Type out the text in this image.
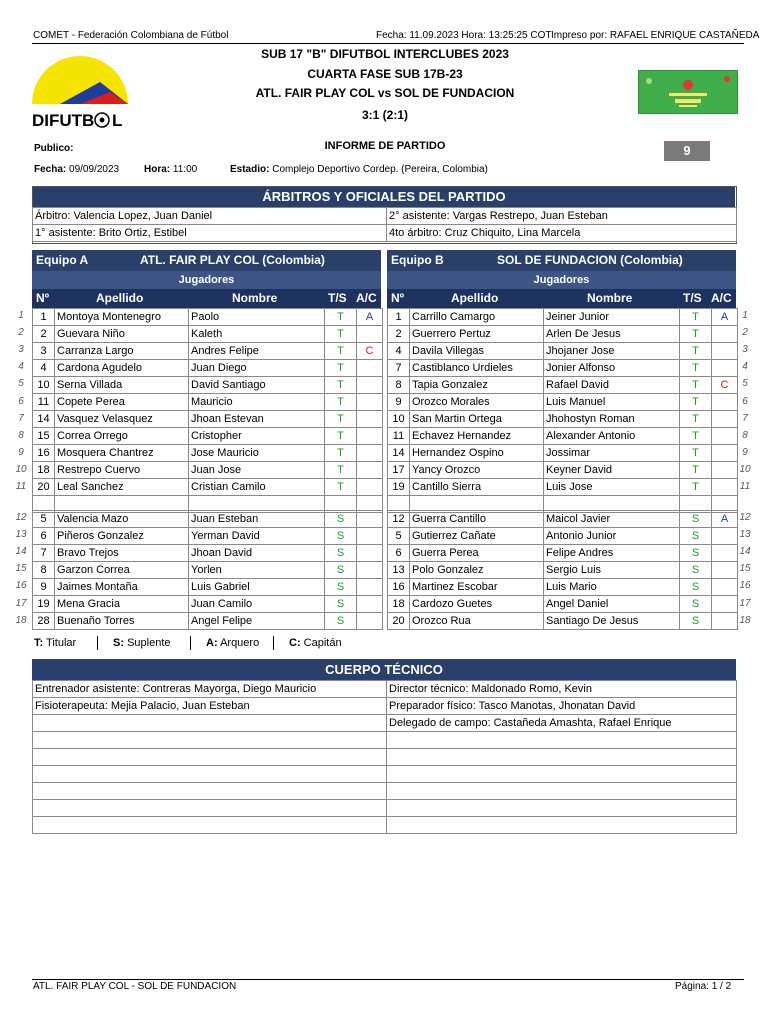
COMET - Federación Colombiana de Fútbol	Fecha: 11.09.2023 Hora: 13:25:25 COT Impreso por: RAFAEL ENRIQUE CASTAÑEDA
DIFUTB L
SUB 17 "B" DIFUTBOL INTERCLUBES 2023
CUARTA FASE SUB 17B-23
ATL. FAIR PLAY COL vs SOL DE FUNDACION
3:1 (2:1)
Publico:	INFORME DE PARTIDO	9
Fecha: 09/09/2023 Hora: 11:00	Estadio: Complejo Deportivo Cordep. (Pereira, Colombia)
ÁRBITROS Y OFICIALES DEL PARTIDO
Árbitro: Valencia Lopez, Juan Daniel	2° asistente: Vargas Restrepo, Juan Esteban
1° asistente: Brito Ortiz, Estibel	4to árbitro: Cruz Chiquito, Lina Marcela
Equipo A	ATL. FAIR PLAY COL (Colombia)
Jugadores
Nº	Apellido	Nombre	T/S A/C
Equipo B	SOL DE FUNDACION (Colombia)
Jugadores
Nº	Apellido	Nombre	T/S A/C
1	Montoya Montenegro	Paolo	T	A
2	Guevara Niño	Kaleth	T	
3	Carranza Largo	Andres Felipe	T	C
4	Cardona Agudelo	Juan Diego	T	
10	Serna Villada	David Santiago	T	
11	Copete Perea	Mauricio	T	
14	Vasquez Velasquez	Jhoan Estevan	T	
15	Correa Orrego	Cristopher	T	
16	Mosquera Chantrez	Jose Mauricio	T	
18	Restrepo Cuervo	Juan Jose	T	
20	Leal Sanchez	Cristian Camilo	T	

5	Valencia Mazo	Juan Esteban	S	
6	Piñeros Gonzalez	Yerman David	S	
7	Bravo Trejos	Jhoan David	S	
8	Garzon Correa	Yorlen	S	
9	Jaimes Montaña	Luis Gabriel	S	
19	Mena Gracia	Juan Camilo	S	
28	Buenaño Torres	Angel Felipe	S	
1	Carrillo Camargo	Jeiner Junior	T	A
2	Guerrero Pertuz	Arlen De Jesus	T	
4	Davila Villegas	Jhojaner Jose	T	
7	Castiblanco Urdieles	Jonier Alfonso	T	
8	Tapia Gonzalez	Rafael David	T	C
9	Orozco Morales	Luis Manuel	T	
10	San Martin Ortega	Jhohostyn Roman	T	
11	Echavez Hernandez	Alexander Antonio	T	
14	Hernandez Ospino	Jossimar	T	
17	Yancy Orozco	Keyner David	T	
19	Cantillo Sierra	Luis Jose	T	

12	Guerra Cantillo	Maicol Javier	S	A
5	Gutierrez Cañate	Antonio Junior	S	
6	Guerra Perea	Felipe Andres	S	
13	Polo Gonzalez	Sergio Luis	S	
16	Martinez Escobar	Luis Mario	S	
18	Cardozo Guetes	Angel Daniel	S	
20	Orozco Rua	Santiago De Jesus	S	
1
2
3
4
5
6
7
8
9
10
11
12
13
14
15
16
17
18
1
2
3
4
5
6
7
8
9
10
11
12
13
14
15
16
17
18
T: Titular	S: Suplente	A: Arquero	C: Capitán
CUERPO TÉCNICO
Entrenador asistente: Contreras Mayorga, Diego Mauricio	Director técnico: Maldonado Romo, Kevin
Fisioterapeuta: Mejia Palacio, Juan Esteban	Preparador físico: Tasco Manotas, Jhonatan David
	Delegado de campo: Castañeda Amashta, Rafael Enrique

ATL. FAIR PLAY COL - SOL DE FUNDACION	Página: 1 / 2
